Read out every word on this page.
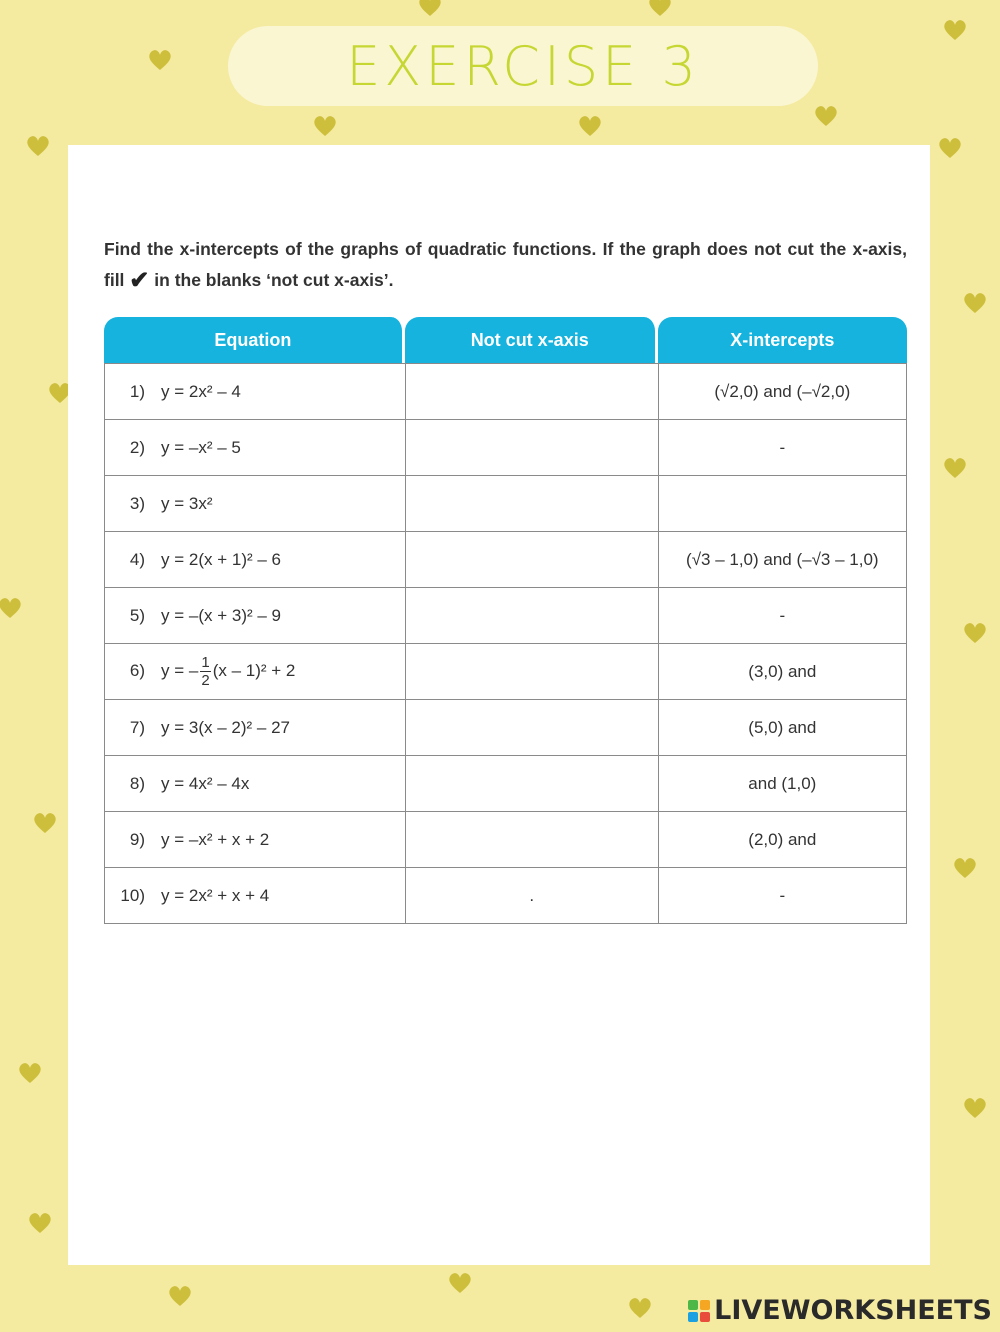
EXERCISE 3
Find the x-intercepts of the graphs of quadratic functions. If the graph does not cut the x-axis, fill ✔ in the blanks ‘not cut x-axis’.
Equation	Not cut x-axis	X-intercepts
1) y = 2x² – 4		(√2,0) and (–√2,0)
2) y = –x² – 5		-
3) y = 3x²		
4) y = 2(x + 1)² – 6		(√3 – 1,0) and (–√3 – 1,0)
5) y = –(x + 3)² – 9		-
6) y = – $\frac{1}{2} (x - 1)^2 + 2$		(3,0) and
7) y = 3(x – 2)² – 27		(5,0) and
8) y = 4x² – 4x		and (1,0)
9) y = –x² + x + 2		(2,0) and
10) y = 2x² + x + 4	.	-
LIVEWORKSHEETS
